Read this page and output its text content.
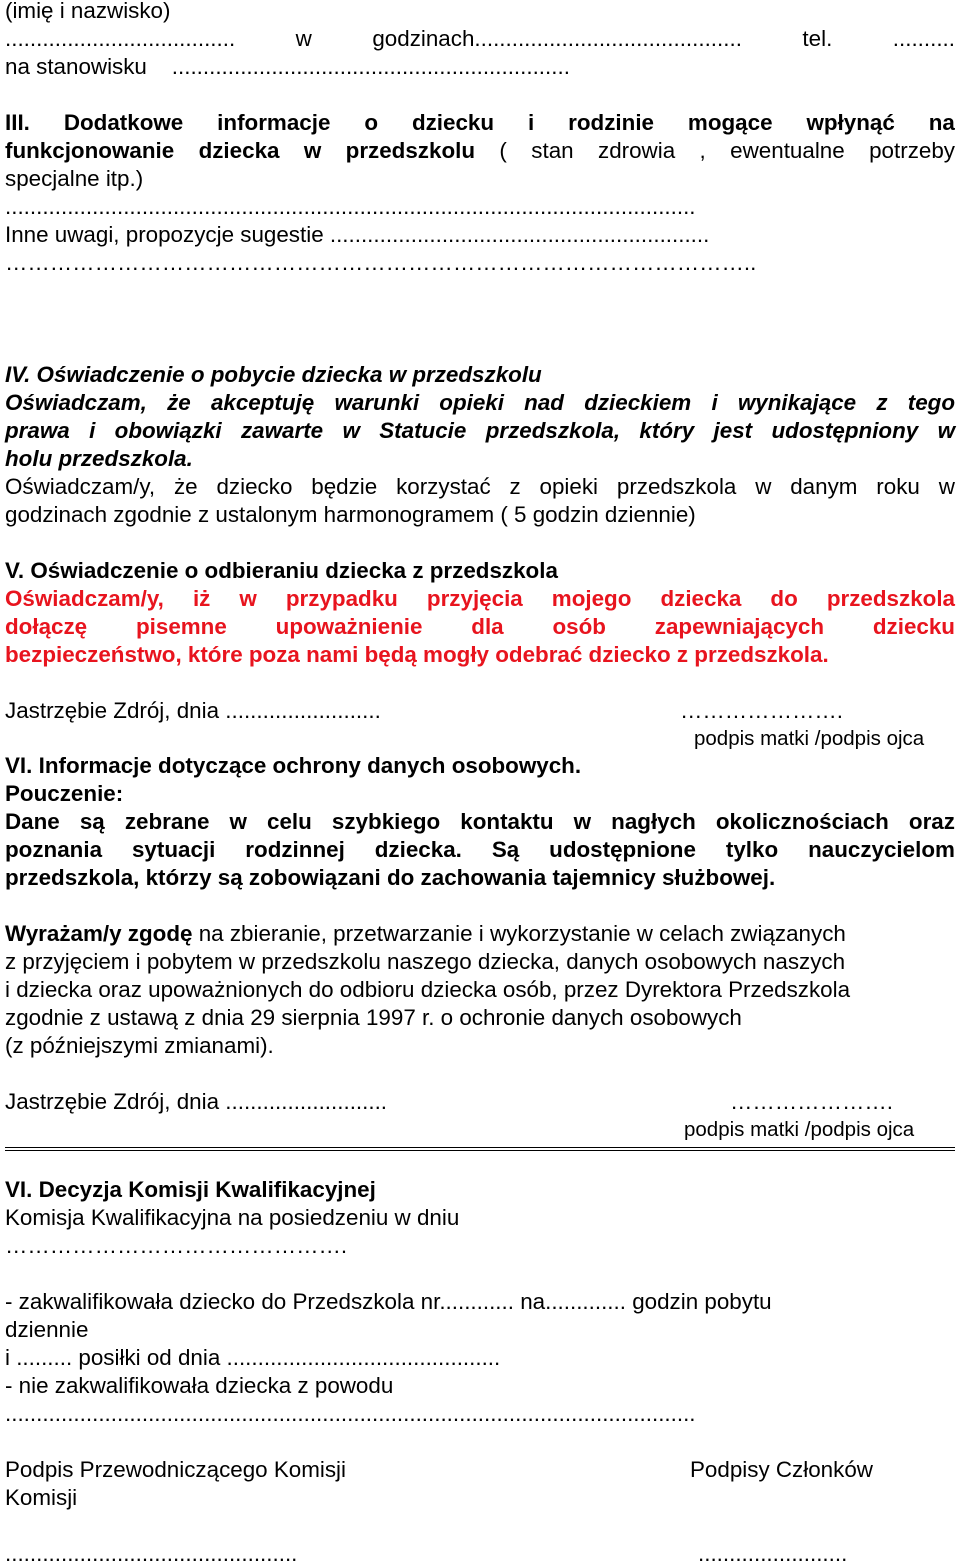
(imię i nazwisko)
.....................................	w godzinach...........................................	tel. ..........
na stanowisku ................................................................
III. Dodatkowe informacje o dziecku i rodzinie mogące wpłynąć na
funkcjonowanie dziecka w przedszkolu ( stan zdrowia , ewentualne potrzeby
specjalne itp.)
...............................................................................................................
Inne uwagi, propozycje sugestie .............................................................
………………………………………………………………………………………..
IV. Oświadczenie o pobycie dziecka w przedszkolu
Oświadczam, że akceptuję warunki opieki nad dzieckiem i wynikające z tego
prawa i obowiązki zawarte w Statucie przedszkola, który jest udostępniony w
holu przedszkola.
Oświadczam/y, że dziecko będzie korzystać z opieki przedszkola w danym roku w
godzinach zgodnie z ustalonym harmonogramem ( 5 godzin dziennie)
V. Oświadczenie o odbieraniu dziecka z przedszkola
Oświadczam/y, iż w przypadku przyjęcia mojego dziecka do przedszkola
dołączę pisemne upoważnienie dla osób zapewniających dziecku
bezpieczeństwo, które poza nami będą mogły odebrać dziecko z przedszkola.
Jastrzębie Zdrój, dnia .........................	………………….
podpis matki /podpis ojca
VI. Informacje dotyczące ochrony danych osobowych.
Pouczenie:
Dane są zebrane w celu szybkiego kontaktu w nagłych okolicznościach oraz
poznania sytuacji rodzinnej dziecka. Są udostępnione tylko nauczycielom
przedszkola, którzy są zobowiązani do zachowania tajemnicy służbowej.
Wyrażam/y zgodę na zbieranie, przetwarzanie i wykorzystanie w celach związanych
z przyjęciem i pobytem w przedszkolu naszego dziecka, danych osobowych naszych
i dziecka oraz upoważnionych do odbioru dziecka osób, przez Dyrektora Przedszkola
zgodnie z ustawą z dnia 29 sierpnia 1997 r. o ochronie danych osobowych
(z późniejszymi zmianami).
Jastrzębie Zdrój, dnia ..........................	………………….
podpis matki /podpis ojca
VI. Decyzja Komisji Kwalifikacyjnej
Komisja Kwalifikacyjna na posiedzeniu w dniu
……………………………………….
- zakwalifikowała dziecko do Przedszkola nr............ na............. godzin pobytu
dziennie
i ......... posiłki od dnia ............................................
- nie zakwalifikowała dziecka z powodu
...............................................................................................................
Podpis Przewodniczącego Komisji	Podpisy Członków
Komisji
...............................................	........................
